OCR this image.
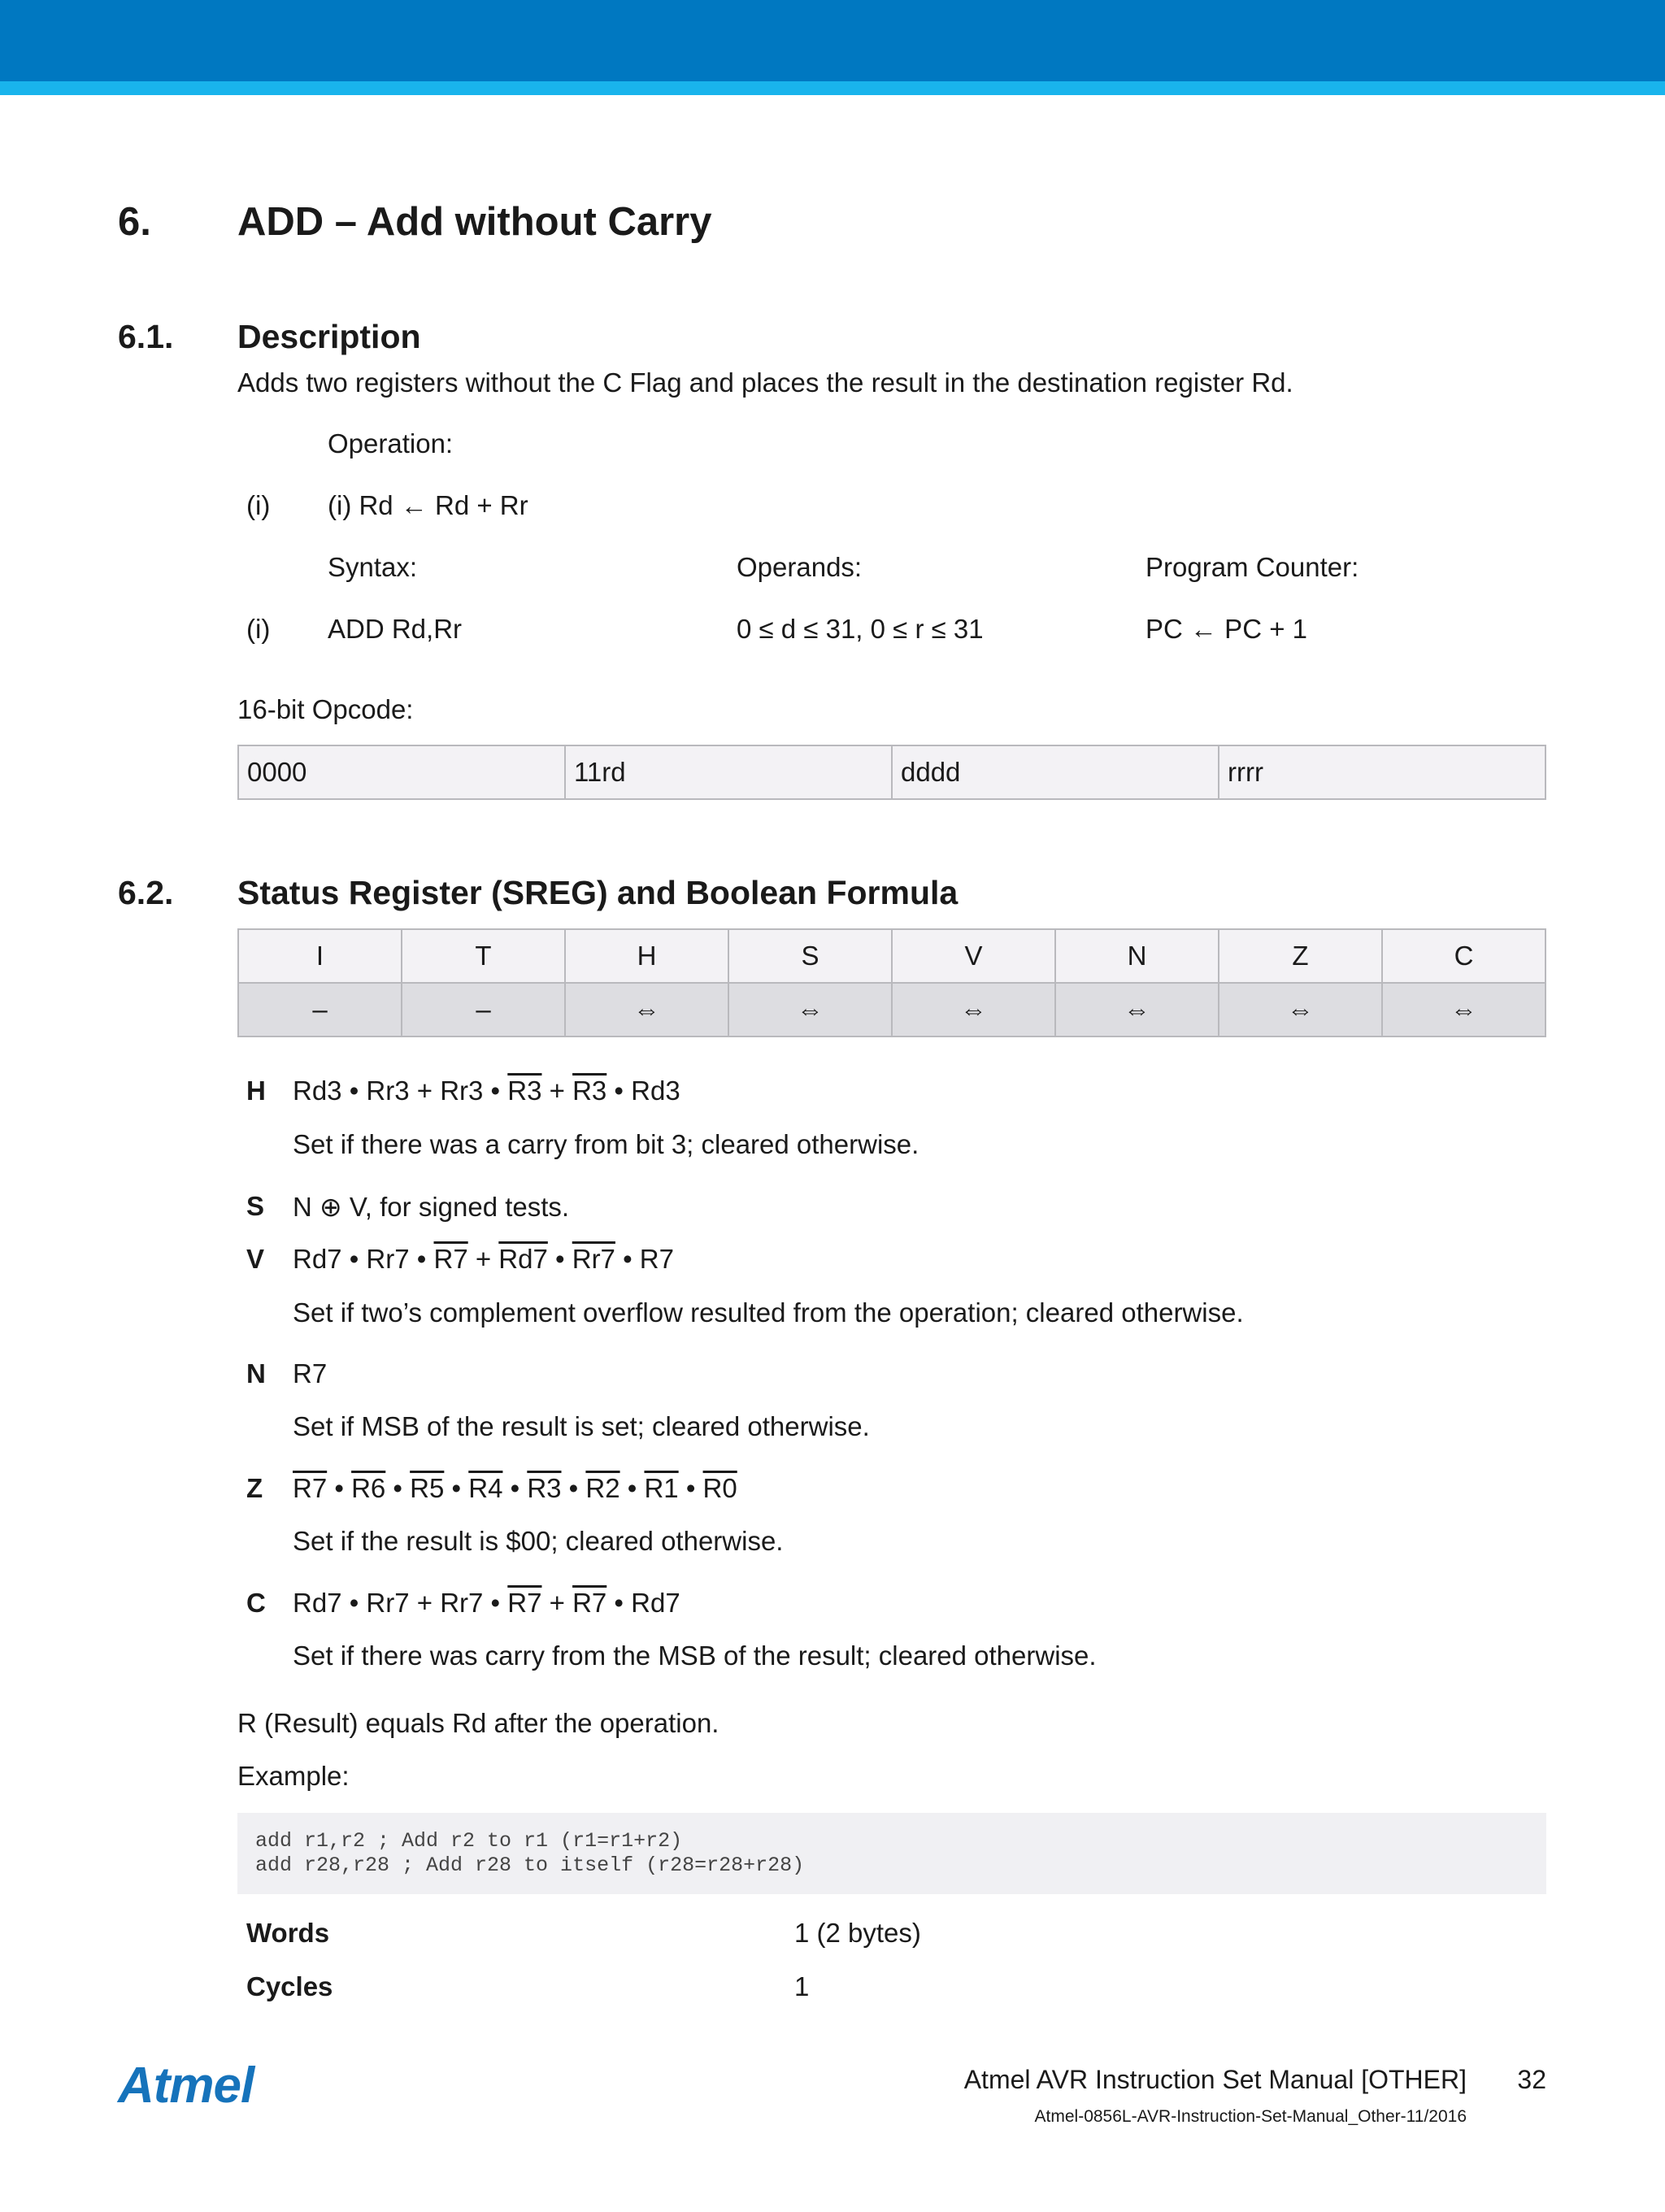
6. ADD – Add without Carry
6.1. Description
Adds two registers without the C Flag and places the result in the destination register Rd.
Operation:
(i) (i) Rd ← Rd + Rr
Syntax:	Operands:	Program Counter:
(i) ADD Rd,Rr	0 ≤ d ≤ 31, 0 ≤ r ≤ 31	PC ← PC + 1
16-bit Opcode:
0000	11rd	dddd	rrrr
6.2. Status Register (SREG) and Boolean Formula
I	T	H	S	V	N	Z	C
–	–	⇔	⇔	⇔	⇔	⇔	⇔
H Rd3 • Rr3 + Rr3 • R3 + R3 • Rd3
Set if there was a carry from bit 3; cleared otherwise.
S N ⊕ V, for signed tests.
V Rd7 • Rr7 • R7 + Rd7 • Rr7 • R7
Set if two’s complement overflow resulted from the operation; cleared otherwise.
N R7
Set if MSB of the result is set; cleared otherwise.
Z R7 • R6 • R5 • R4 • R3 • R2 • R1 • R0
Set if the result is $00; cleared otherwise.
C Rd7 • Rr7 + Rr7 • R7 + R7 • Rd7
Set if there was carry from the MSB of the result; cleared otherwise.
R (Result) equals Rd after the operation.
Example:
add r1,r2 ; Add r2 to r1 (r1=r1+r2)
add r28,r28 ; Add r28 to itself (r28=r28+r28)
Words	1 (2 bytes)
Cycles	1
Atmel	Atmel AVR Instruction Set Manual [OTHER] 32
Atmel-0856L-AVR-Instruction-Set-Manual_Other-11/2016
